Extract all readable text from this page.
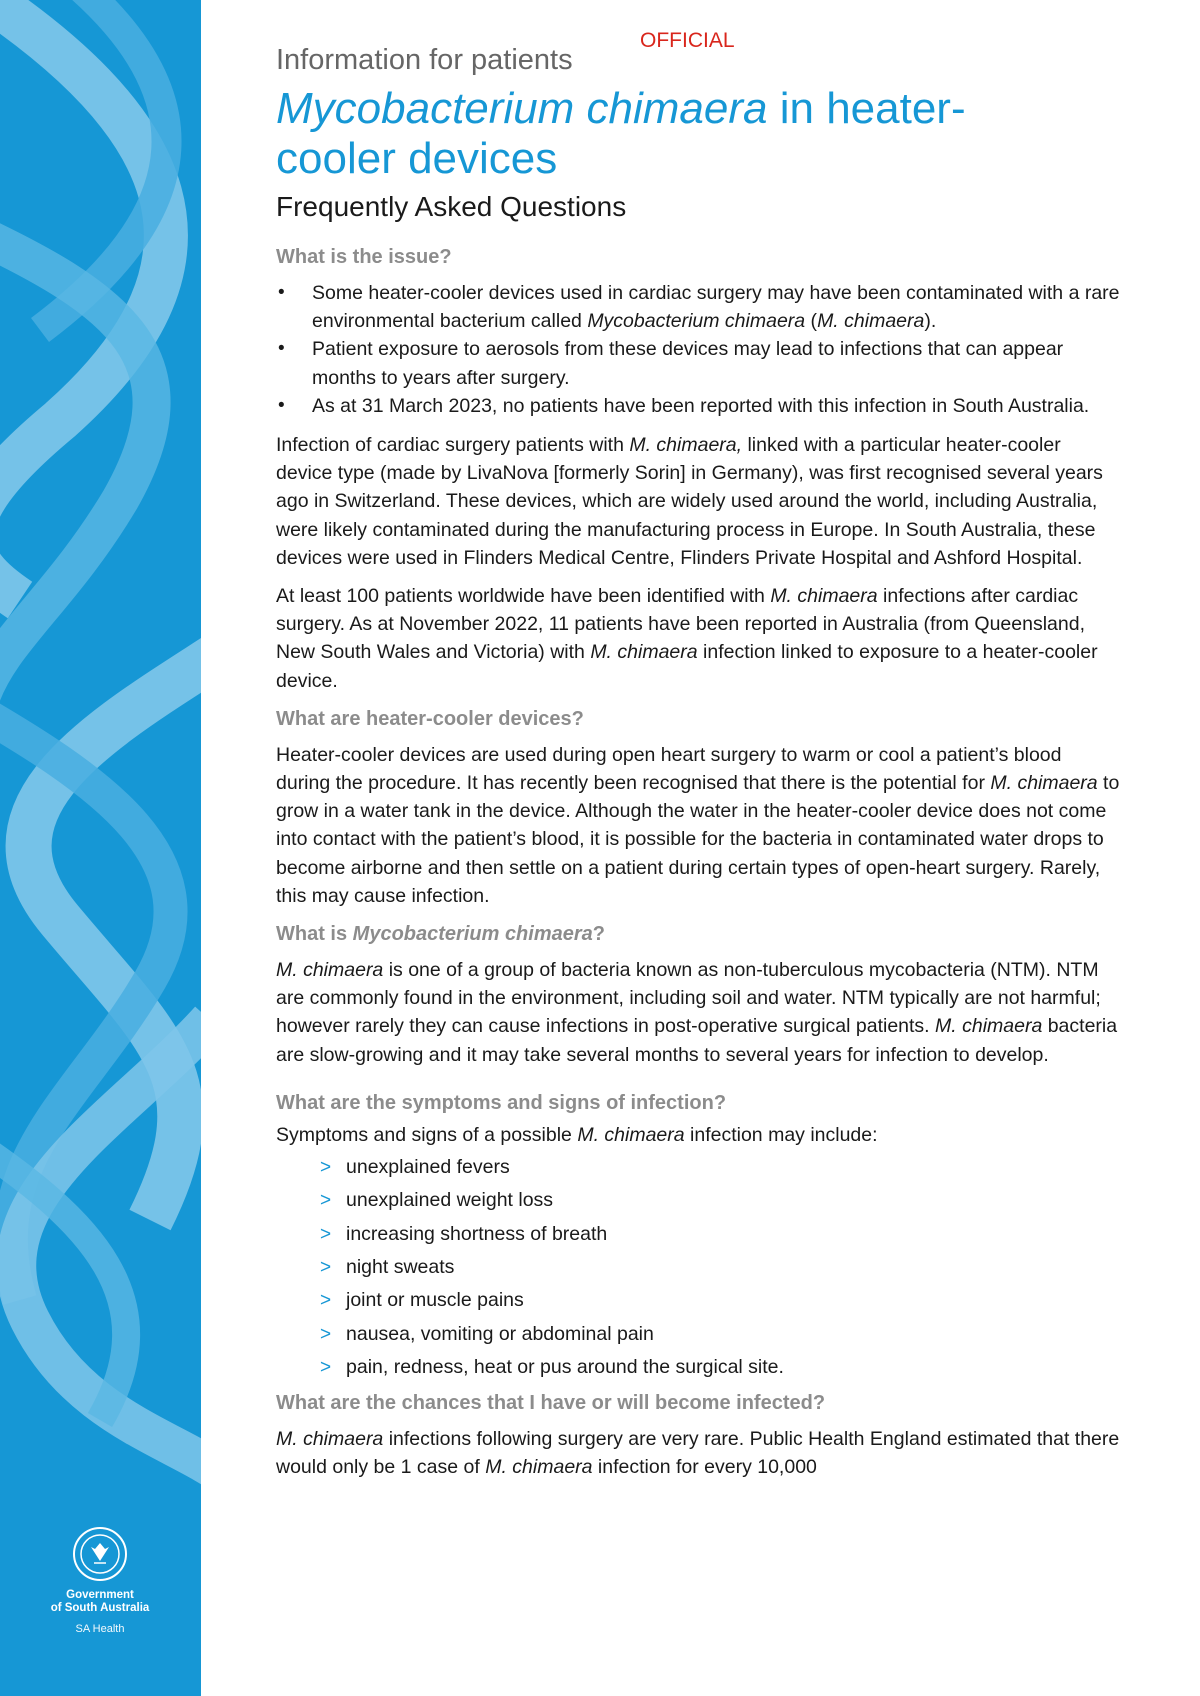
Government
of South Australia
SA Health
OFFICIAL

Information for patients

Mycobacterium chimaera in heater-
cooler devices

Frequently Asked Questions

What is the issue?
• Some heater-cooler devices used in cardiac surgery may have been contaminated with a rare environmental bacterium called Mycobacterium chimaera (M. chimaera).
• Patient exposure to aerosols from these devices may lead to infections that can appear months to years after surgery.
• As at 31 March 2023, no patients have been reported with this infection in South Australia.

Infection of cardiac surgery patients with M. chimaera, linked with a particular heater-cooler device type (made by LivaNova [formerly Sorin] in Germany), was first recognised several years ago in Switzerland. These devices, which are widely used around the world, including Australia, were likely contaminated during the manufacturing process in Europe. In South Australia, these devices were used in Flinders Medical Centre, Flinders Private Hospital and Ashford Hospital.

At least 100 patients worldwide have been identified with M. chimaera infections after cardiac surgery. As at November 2022, 11 patients have been reported in Australia (from Queensland, New South Wales and Victoria) with M. chimaera infection linked to exposure to a heater-cooler device.

What are heater-cooler devices?

Heater-cooler devices are used during open heart surgery to warm or cool a patient’s blood during the procedure. It has recently been recognised that there is the potential for M. chimaera to grow in a water tank in the device. Although the water in the heater-cooler device does not come into contact with the patient’s blood, it is possible for the bacteria in contaminated water drops to become airborne and then settle on a patient during certain types of open-heart surgery. Rarely, this may cause infection.

What is Mycobacterium chimaera?

M. chimaera is one of a group of bacteria known as non-tuberculous mycobacteria (NTM). NTM are commonly found in the environment, including soil and water. NTM typically are not harmful; however rarely they can cause infections in post-operative surgical patients. M. chimaera bacteria are slow-growing and it may take several months to several years for infection to develop.

What are the symptoms and signs of infection?

Symptoms and signs of a possible M. chimaera infection may include:

> unexplained fevers
> unexplained weight loss
> increasing shortness of breath
> night sweats
> joint or muscle pains
> nausea, vomiting or abdominal pain
> pain, redness, heat or pus around the surgical site.
What are the chances that I have or will become infected?

M. chimaera infections following surgery are very rare. Public Health England estimated that there would only be 1 case of M. chimaera infection for every 10,000
